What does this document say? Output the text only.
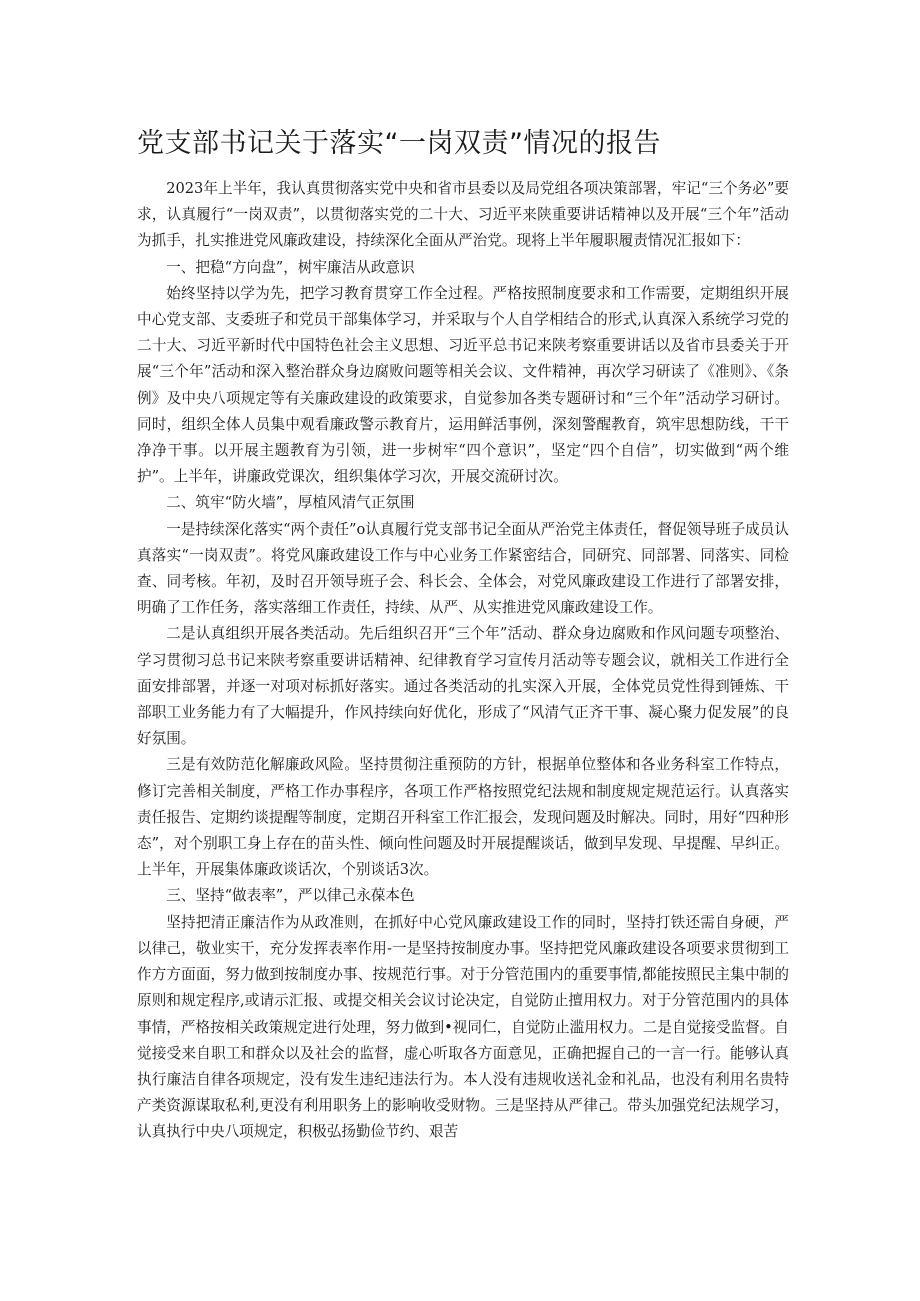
党支部书记关于落实“一岗双责”情况的报告

2023年上半年，我认真贯彻落实党中央和省市县委以及局党组各项决策部署，牢记“三个务必”要求，认真履行“一岗双责”，以贯彻落实党的二十大、习近平来陕重要讲话精神以及开展“三个年”活动为抓手，扎实推进党风廉政建设，持续深化全面从严治党。现将上半年履职履责情况汇报如下：

一、把稳“方向盘”，树牢廉洁从政意识

始终坚持以学为先，把学习教育贯穿工作全过程。严格按照制度要求和工作需要，定期组织开展中心党支部、支委班子和党员干部集体学习，并采取与个人自学相结合的形式,认真深入系统学习党的二十大、习近平新时代中国特色社会主义思想、习近平总书记来陕考察重要讲话以及省市县委关于开展“三个年”活动和深入整治群众身边腐败问题等相关会议、文件精神，再次学习研读了《准则》、《条例》及中央八项规定等有关廉政建设的政策要求，自觉参加各类专题研讨和“三个年”活动学习研讨。同时，组织全体人员集中观看廉政警示教育片，运用鲜活事例，深刻警醒教育，筑牢思想防线，干干净净干事。以开展主题教育为引领，进一步树牢“四个意识”，坚定“四个自信”，切实做到“两个维护”。上半年，讲廉政党课次，组织集体学习次，开展交流研讨次。

二、筑牢“防火墙”，厚植风清气正氛围

一是持续深化落实“两个责任”o认真履行党支部书记全面从严治党主体责任，督促领导班子成员认真落实“一岗双责”。将党风廉政建设工作与中心业务工作紧密结合，同研究、同部署、同落实、同检查、同考核。年初，及时召开领导班子会、科长会、全体会，对党风廉政建设工作进行了部署安排，明确了工作任务，落实落细工作责任，持续、从严、从实推进党风廉政建设工作。

二是认真组织开展各类活动。先后组织召开“三个年”活动、群众身边腐败和作风问题专项整治、学习贯彻习总书记来陕考察重要讲话精神、纪律教育学习宣传月活动等专题会议，就相关工作进行全面安排部署，并逐一对项对标抓好落实。通过各类活动的扎实深入开展，全体党员党性得到锤炼、干部职工业务能力有了大幅提升，作风持续向好优化，形成了“风清气正齐干事、凝心聚力促发展”的良好氛围。

三是有效防范化解廉政风险。坚持贯彻注重预防的方针，根据单位整体和各业务科室工作特点，修订完善相关制度，严格工作办事程序，各项工作严格按照党纪法规和制度规定规范运行。认真落实责任报告、定期约谈提醒等制度，定期召开科室工作汇报会，发现问题及时解决。同时，用好“四种形态”，对个别职工身上存在的苗头性、倾向性问题及时开展提醒谈话，做到早发现、早提醒、早纠正。上半年，开展集体廉政谈话次，个别谈话3次。

三、坚持“做表率”，严以律己永葆本色

坚持把清正廉洁作为从政准则，在抓好中心党风廉政建设工作的同时，坚持打铁还需自身硬，严以律己，敬业实干，充分发挥表率作用-一是坚持按制度办事。坚持把党风廉政建设各项要求贯彻到工作方方面面，努力做到按制度办事、按规范行事。对于分管范围内的重要事情,都能按照民主集中制的原则和规定程序,或请示汇报、或提交相关会议讨论决定，自觉防止擅用权力。对于分管范围内的具体事情，严格按相关政策规定进行处理，努力做到•视同仁，自觉防止滥用权力。二是自觉接受监督。自觉接受来自职工和群众以及社会的监督，虚心听取各方面意见，正确把握自己的一言一行。能够认真执行廉洁自律各项规定，没有发生违纪违法行为。本人没有违规收送礼金和礼品，也没有利用名贵特产类资源谋取私利,更没有利用职务上的影响收受财物。三是坚持从严律己。带头加强党纪法规学习，认真执行中央八项规定，积极弘扬勤俭节约、艰苦
